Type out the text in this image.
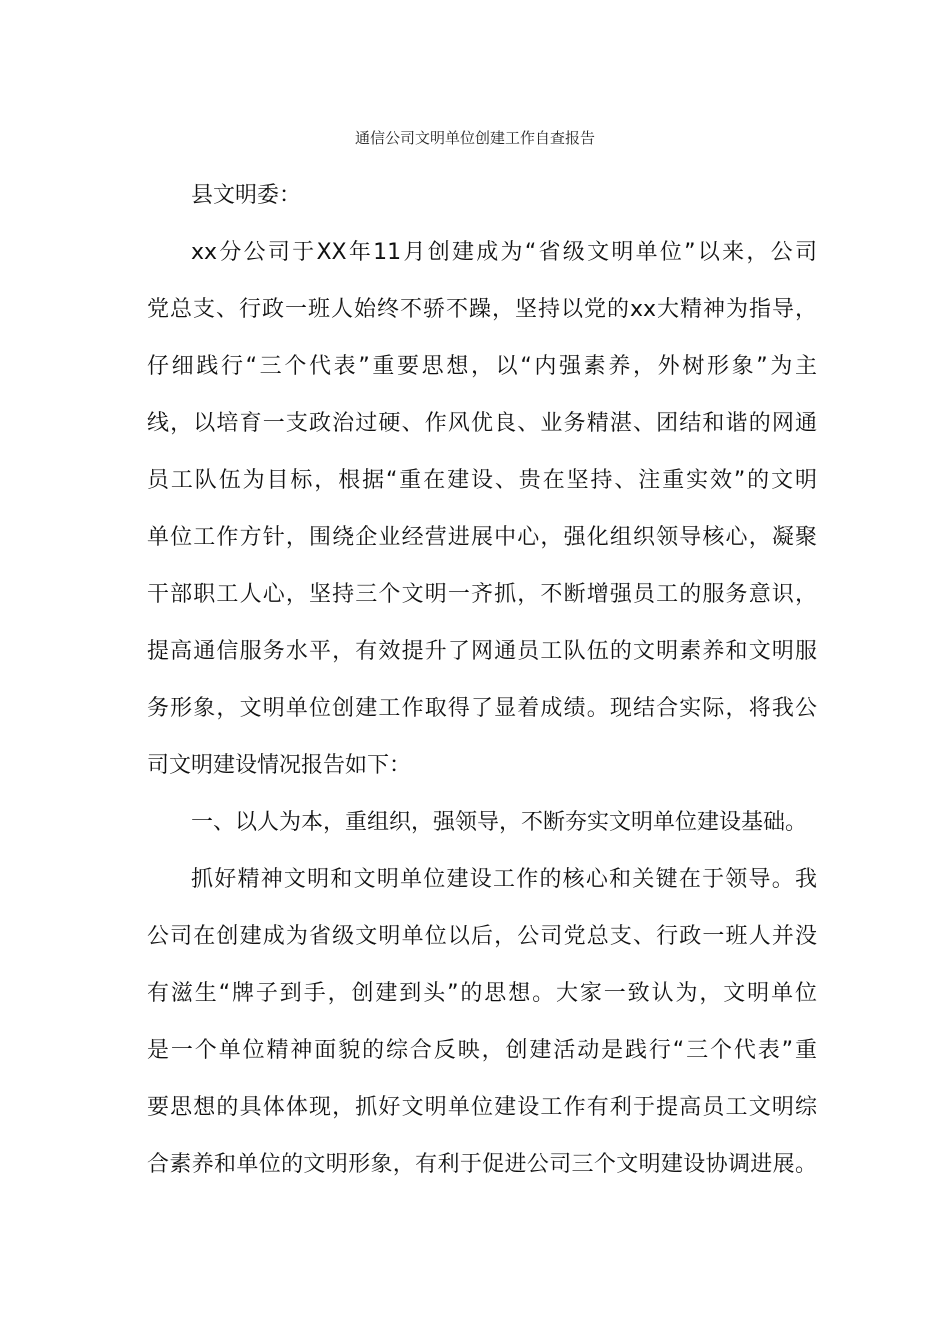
通信公司文明单位创建工作自查报告
县文明委：
xx分公司于XX年11月创建成为“省级文明单位”以来，公司
党总支、行政一班人始终不骄不躁，坚持以党的xx大精神为指导，
仔细践行“三个代表”重要思想，以“内强素养，外树形象”为主
线，以培育一支政治过硬、作风优良、业务精湛、团结和谐的网通
员工队伍为目标，根据“重在建设、贵在坚持、注重实效”的文明
单位工作方针，围绕企业经营进展中心，强化组织领导核心，凝聚
干部职工人心，坚持三个文明一齐抓，不断增强员工的服务意识，
提高通信服务水平，有效提升了网通员工队伍的文明素养和文明服
务形象，文明单位创建工作取得了显着成绩。现结合实际，将我公
司文明建设情况报告如下：
一、以人为本，重组织，强领导，不断夯实文明单位建设基础。
抓好精神文明和文明单位建设工作的核心和关键在于领导。我
公司在创建成为省级文明单位以后，公司党总支、行政一班人并没
有滋生“牌子到手，创建到头”的思想。大家一致认为，文明单位
是一个单位精神面貌的综合反映，创建活动是践行“三个代表”重
要思想的具体体现，抓好文明单位建设工作有利于提高员工文明综
合素养和单位的文明形象，有利于促进公司三个文明建设协调进展。
